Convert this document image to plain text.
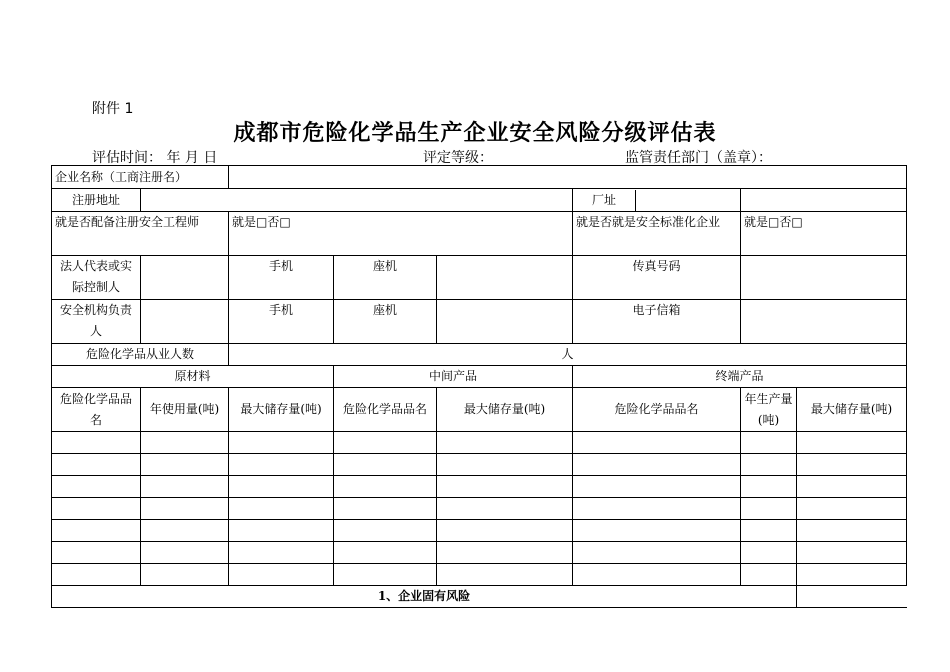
附件 1
成都市危险化学品生产企业安全风险分级评估表
评估时间： 年 月 日	评定等级：	监管责任部门（盖章）：
企业名称（工商注册名）	
注册地址			厂址	

就是否配备注册安全工程师	就是□否□	就是否就是安全标准化企业	就是□否□
法人代表或实际控制人		手机	座机		传真号码	
安全机构负责人		手机	座机		电子信箱	
危险化学品从业人数	人
原材料	中间产品	终端产品
危险化学品品名	年使用量(吨)	最大储存量(吨)	危险化学品品名	最大储存量(吨)	危险化学品品名	年生产量(吨)	最大储存量(吨)

1、企业固有风险	
